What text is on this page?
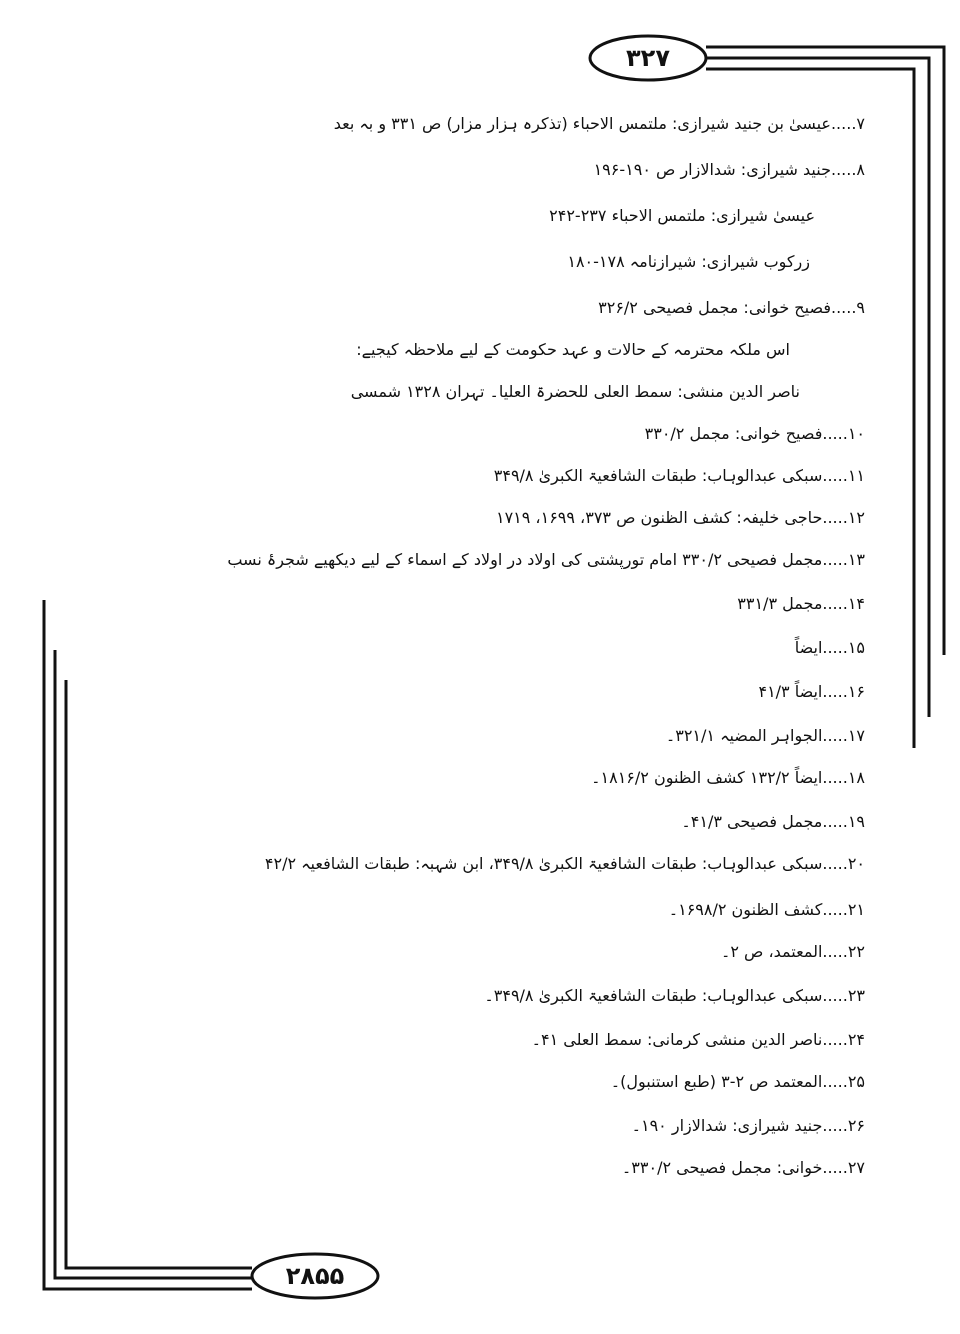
۳۲۷
۲۸۵۵
۷.....عیسیٰ بن جنید شیرازی: ملتمس الاحباء (تذکرہ ہزار مزار) ص ۳۳۱ و بہ بعد
۸.....جنید شیرازی: شدالازار ص ۱۹۰-۱۹۶
عیسیٰ شیرازی: ملتمس الاحباء ۲۳۷-۲۴۲
زرکوب شیرازی: شیرازنامہ ۱۷۸-۱۸۰
۹.....فصیح خوانی: مجمل فصیحی ۳۲۶/۲
اس ملکہ محترمہ کے حالات و عہد حکومت کے لیے ملاحظہ کیجیے:
ناصر الدین منشی: سمط العلی للحضرۃ العلیا۔ تہران ۱۳۲۸ شمسی
۱۰.....فصیح خوانی: مجمل ۳۳۰/۲
۱۱.....سبکی عبدالوہاب: طبقات الشافعیۃ الکبریٰ ۳۴۹/۸
۱۲.....حاجی خلیفہ: کشف الظنون ص ۳۷۳، ۱۶۹۹، ۱۷۱۹
۱۳.....مجمل فصیحی ۳۳۰/۲ امام تورپشتی کی اولاد در اولاد کے اسماء کے لیے دیکھیے شجرۂ نسب
۱۴.....مجمل ۳۳۱/۳
۱۵.....ایضاً
۱۶.....ایضاً ۴۱/۳
۱۷.....الجواہر المضیہ ۳۲۱/۱۔
۱۸.....ایضاً ۱۳۲/۲ کشف الظنون ۱۸۱۶/۲۔
۱۹.....مجمل فصیحی ۴۱/۳۔
۲۰.....سبکی عبدالوہاب: طبقات الشافعیۃ الکبریٰ ۳۴۹/۸، ابن شہبہ: طبقات الشافعیہ ۴۲/۲
۲۱.....کشف الظنون ۱۶۹۸/۲۔
۲۲.....المعتمد، ص ۲۔
۲۳.....سبکی عبدالوہاب: طبقات الشافعیۃ الکبریٰ ۳۴۹/۸۔
۲۴.....ناصر الدین منشی کرمانی: سمط العلی ۴۱۔
۲۵.....المعتمد ص ۲-۳ (طبع استنبول)۔
۲۶.....جنید شیرازی: شدالازار ۱۹۰۔
۲۷.....خوانی: مجمل فصیحی ۳۳۰/۲۔
